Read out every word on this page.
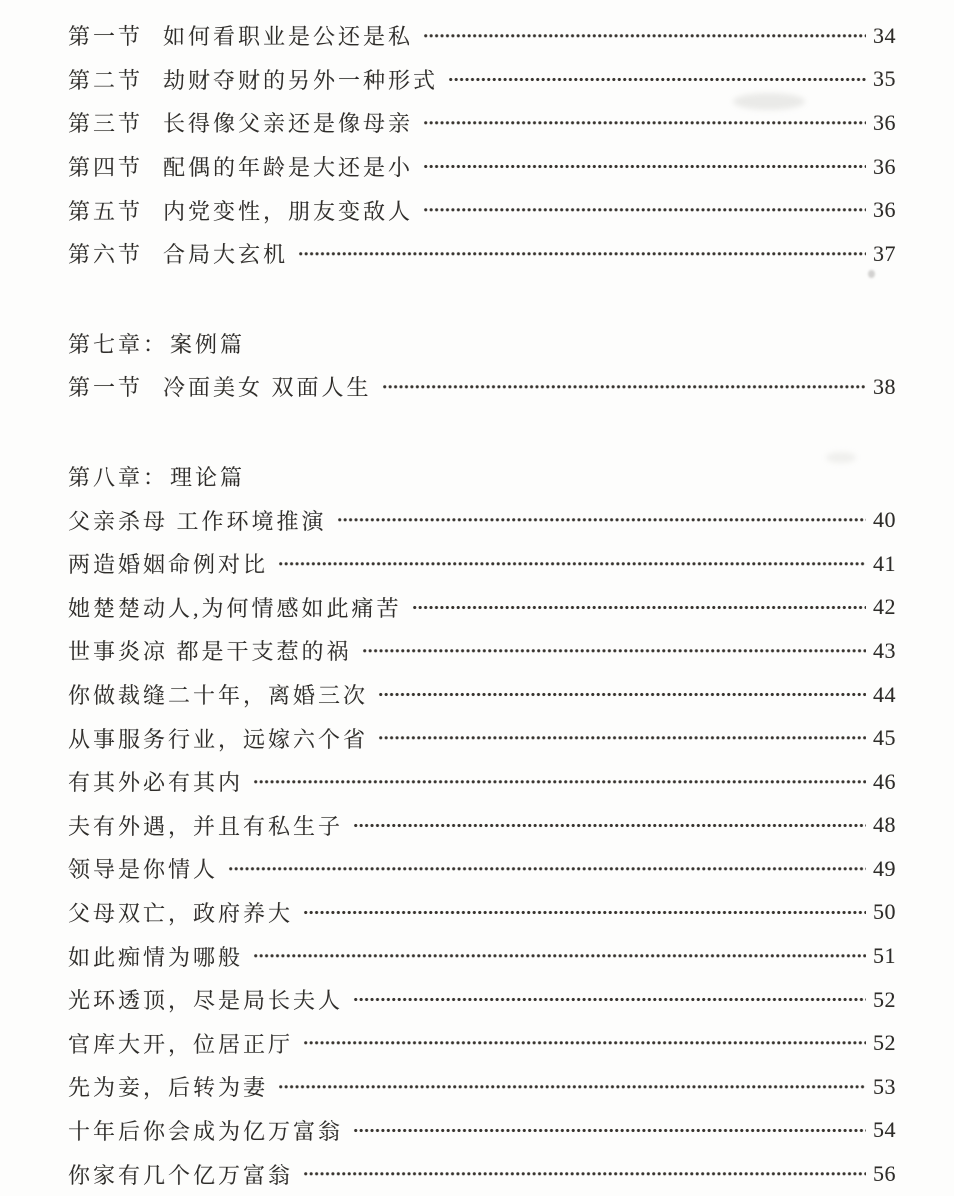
第一节 如何看职业是公还是私	34
第二节 劫财夺财的另外一种形式	35
第三节 长得像父亲还是像母亲	36
第四节 配偶的年龄是大还是小	36
第五节 内党变性，朋友变敌人	36
第六节 合局大玄机	37
第七章： 案例篇
第一节 冷面美女 双面人生	38
第八章： 理论篇
父亲杀母 工作环境推演	40
两造婚姻命例对比	41
她楚楚动人,为何情感如此痛苦	42
世事炎凉 都是干支惹的祸	43
你做裁缝二十年，离婚三次	44
从事服务行业，远嫁六个省	45
有其外必有其内	46
夫有外遇，并且有私生子	48
领导是你情人	49
父母双亡，政府养大	50
如此痴情为哪般	51
光环透顶，尽是局长夫人	52
官库大开，位居正厅	52
先为妾，后转为妻	53
十年后你会成为亿万富翁	54
你家有几个亿万富翁	56
